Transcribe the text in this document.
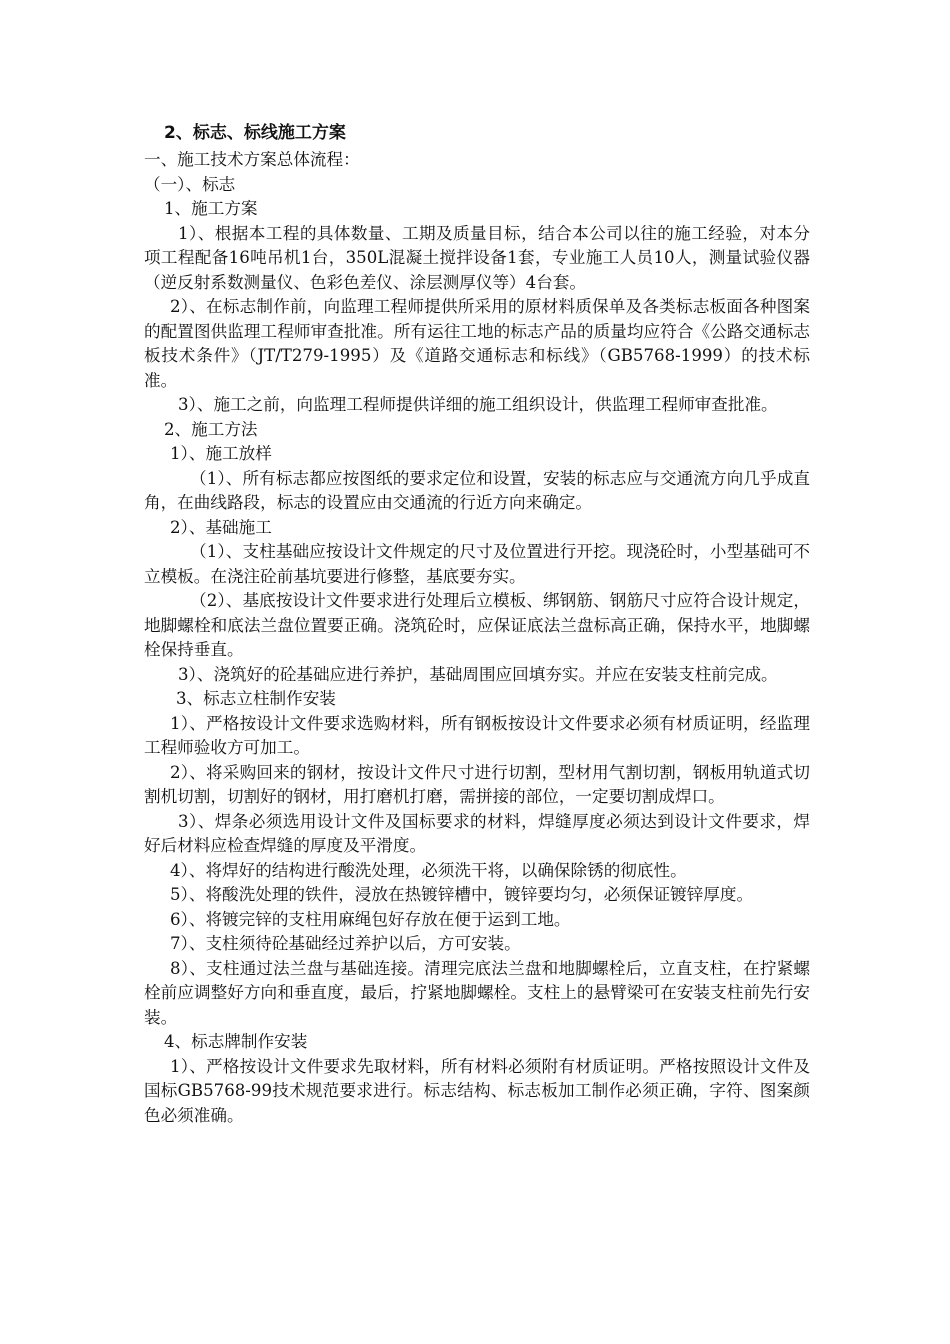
2、标志、标线施工方案
一、施工技术方案总体流程：
（一）、标志
1、施工方案
1）、根据本工程的具体数量、工期及质量目标，结合本公司以往的施工经验，对本分项工程配备16吨吊机1台，350L混凝土搅拌设备1套，专业施工人员10人，测量试验仪器（逆反射系数测量仪、色彩色差仪、涂层测厚仪等）4台套。
2）、在标志制作前，向监理工程师提供所采用的原材料质保单及各类标志板面各种图案的配置图供监理工程师审查批准。所有运往工地的标志产品的质量均应符合《公路交通标志板技术条件》（JT/T279-1995）及《道路交通标志和标线》（GB5768-1999）的技术标准。
3）、施工之前，向监理工程师提供详细的施工组织设计，供监理工程师审查批准。
2、施工方法
1）、施工放样
（1）、所有标志都应按图纸的要求定位和设置，安装的标志应与交通流方向几乎成直角，在曲线路段，标志的设置应由交通流的行近方向来确定。
2）、基础施工
（1）、支柱基础应按设计文件规定的尺寸及位置进行开挖。现浇砼时，小型基础可不立模板。在浇注砼前基坑要进行修整，基底要夯实。
（2）、基底按设计文件要求进行处理后立模板、绑钢筋、钢筋尺寸应符合设计规定，地脚螺栓和底法兰盘位置要正确。浇筑砼时，应保证底法兰盘标高正确，保持水平，地脚螺栓保持垂直。
3）、浇筑好的砼基础应进行养护，基础周围应回填夯实。并应在安装支柱前完成。
3、标志立柱制作安装
1）、严格按设计文件要求选购材料，所有钢板按设计文件要求必须有材质证明，经监理工程师验收方可加工。
2）、将采购回来的钢材，按设计文件尺寸进行切割，型材用气割切割，钢板用轨道式切割机切割，切割好的钢材，用打磨机打磨，需拼接的部位，一定要切割成焊口。
3）、焊条必须选用设计文件及国标要求的材料，焊缝厚度必须达到设计文件要求，焊好后材料应检查焊缝的厚度及平滑度。
4）、将焊好的结构进行酸洗处理，必须洗干将，以确保除锈的彻底性。
5）、将酸洗处理的铁件，浸放在热镀锌槽中，镀锌要均匀，必须保证镀锌厚度。
6）、将镀完锌的支柱用麻绳包好存放在便于运到工地。
7）、支柱须待砼基础经过养护以后，方可安装。
8）、支柱通过法兰盘与基础连接。清理完底法兰盘和地脚螺栓后，立直支柱，在拧紧螺栓前应调整好方向和垂直度，最后，拧紧地脚螺栓。支柱上的悬臂梁可在安装支柱前先行安装。
4、标志牌制作安装
1）、严格按设计文件要求先取材料，所有材料必须附有材质证明。严格按照设计文件及国标GB5768-99技术规范要求进行。标志结构、标志板加工制作必须正确，字符、图案颜色必须准确。
